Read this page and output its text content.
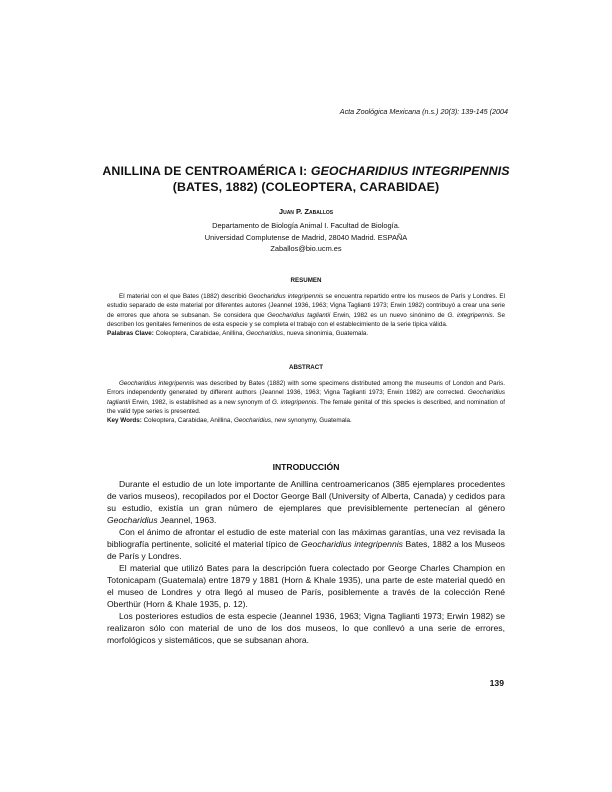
Acta Zoológica Mexicana (n.s.) 20(3): 139-145 (2004
ANILLINA DE CENTROAMÉRICA I: GEOCHARIDIUS INTEGRIPENNIS
(BATES, 1882) (COLEOPTERA, CARABIDAE)
Juan P. Zaballos
Departamento de Biología Animal I. Facultad de Biología.
Universidad Complutense de Madrid, 28040 Madrid. ESPAÑA
Zaballos@bio.ucm.es
RESUMEN

El material con el que Bates (1882) describió Geocharidius integripennis se encuentra repartido entre los museos de París y Londres. El estudio separado de este material por diferentes autores (Jeannel 1936, 1963; Vigna Taglianti 1973; Erwin 1982) contribuyó a crear una serie de errores que ahora se subsanan. Se considera que Geocharidius tagliantii Erwin, 1982 es un nuevo sinónimo de G. integripennis. Se describen los genitales femeninos de esta especie y se completa el trabajo con el establecimiento de la serie típica válida.

Palabras Clave: Coleoptera, Carabidae, Anillina, Geocharidius, nueva sinonimia, Guatemala.

ABSTRACT

Geocharidius integripennis was described by Bates (1882) with some specimens distributed among the museums of London and Paris. Errors independently generated by different authors (Jeannel 1936, 1963; Vigna Taglianti 1973; Erwin 1982) are corrected. Geocharidius tagliantii Erwin, 1982, is established as a new synonym of G. integripennis. The female genital of this species is described, and nomination of the valid type series is presented.

Key Words: Coleoptera, Carabidae, Anillina, Geocharidius, new synonymy, Guatemala.

INTRODUCCIÓN

Durante el estudio de un lote importante de Anillina centroamericanos (385 ejemplares procedentes de varios museos), recopilados por el Doctor George Ball (University of Alberta, Canada) y cedidos para su estudio, existía un gran número de ejemplares que previsiblemente pertenecían al género Geocharidius Jeannel, 1963.

Con el ánimo de afrontar el estudio de este material con las máximas garantías, una vez revisada la bibliografía pertinente, solicité el material típico de Geocharidius integripennis Bates, 1882 a los Museos de París y Londres.

El material que utilizó Bates para la descripción fuera colectado por George Charles Champion en Totonicapam (Guatemala) entre 1879 y 1881 (Horn & Khale 1935), una parte de este material quedó en el museo de Londres y otra llegó al museo de París, posiblemente a través de la colección René Oberthür (Horn & Khale 1935, p. 12).

Los posteriores estudios de esta especie (Jeannel 1936, 1963; Vigna Taglianti 1973; Erwin 1982) se realizaron sólo con material de uno de los dos museos, lo que conllevó a una serie de errores, morfológicos y sistemáticos, que se subsanan ahora.

139
